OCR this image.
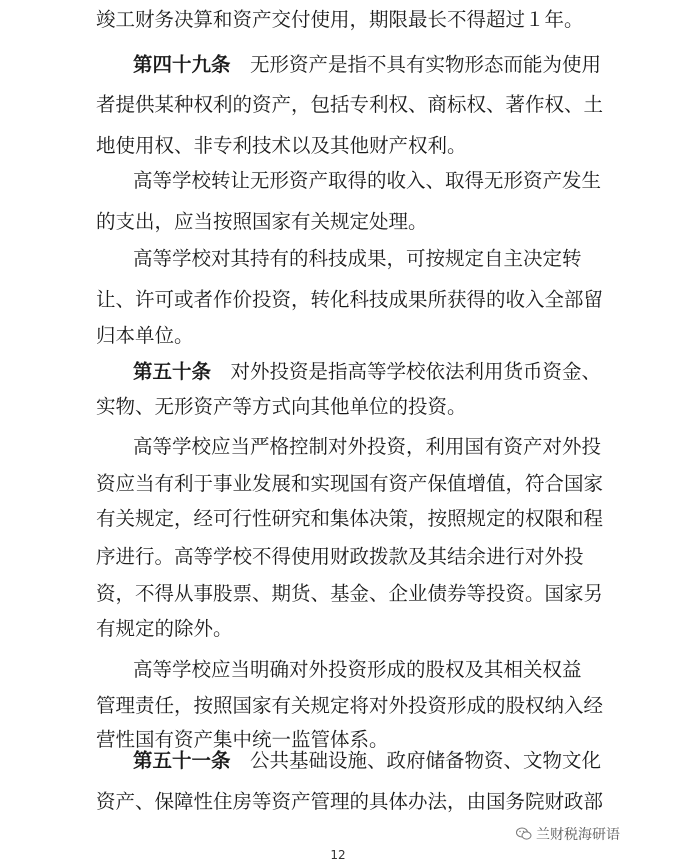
竣工财务决算和资产交付使用，期限最长不得超过１年。
第四十九条　无形资产是指不具有实物形态而能为使用
者提供某种权利的资产，包括专利权、商标权、著作权、土
地使用权、非专利技术以及其他财产权利。
高等学校转让无形资产取得的收入、取得无形资产发生
的支出，应当按照国家有关规定处理。
高等学校对其持有的科技成果，可按规定自主决定转
让、许可或者作价投资，转化科技成果所获得的收入全部留
归本单位。
第五十条　对外投资是指高等学校依法利用货币资金、
实物、无形资产等方式向其他单位的投资。
高等学校应当严格控制对外投资，利用国有资产对外投
资应当有利于事业发展和实现国有资产保值增值，符合国家
有关规定，经可行性研究和集体决策，按照规定的权限和程
序进行。高等学校不得使用财政拨款及其结余进行对外投
资，不得从事股票、期货、基金、企业债券等投资。国家另
有规定的除外。
高等学校应当明确对外投资形成的股权及其相关权益
管理责任，按照国家有关规定将对外投资形成的股权纳入经
营性国有资产集中统一监管体系。
第五十一条　公共基础设施、政府储备物资、文物文化
资产、保障性住房等资产管理的具体办法，由国务院财政部
兰财税海研语
12
